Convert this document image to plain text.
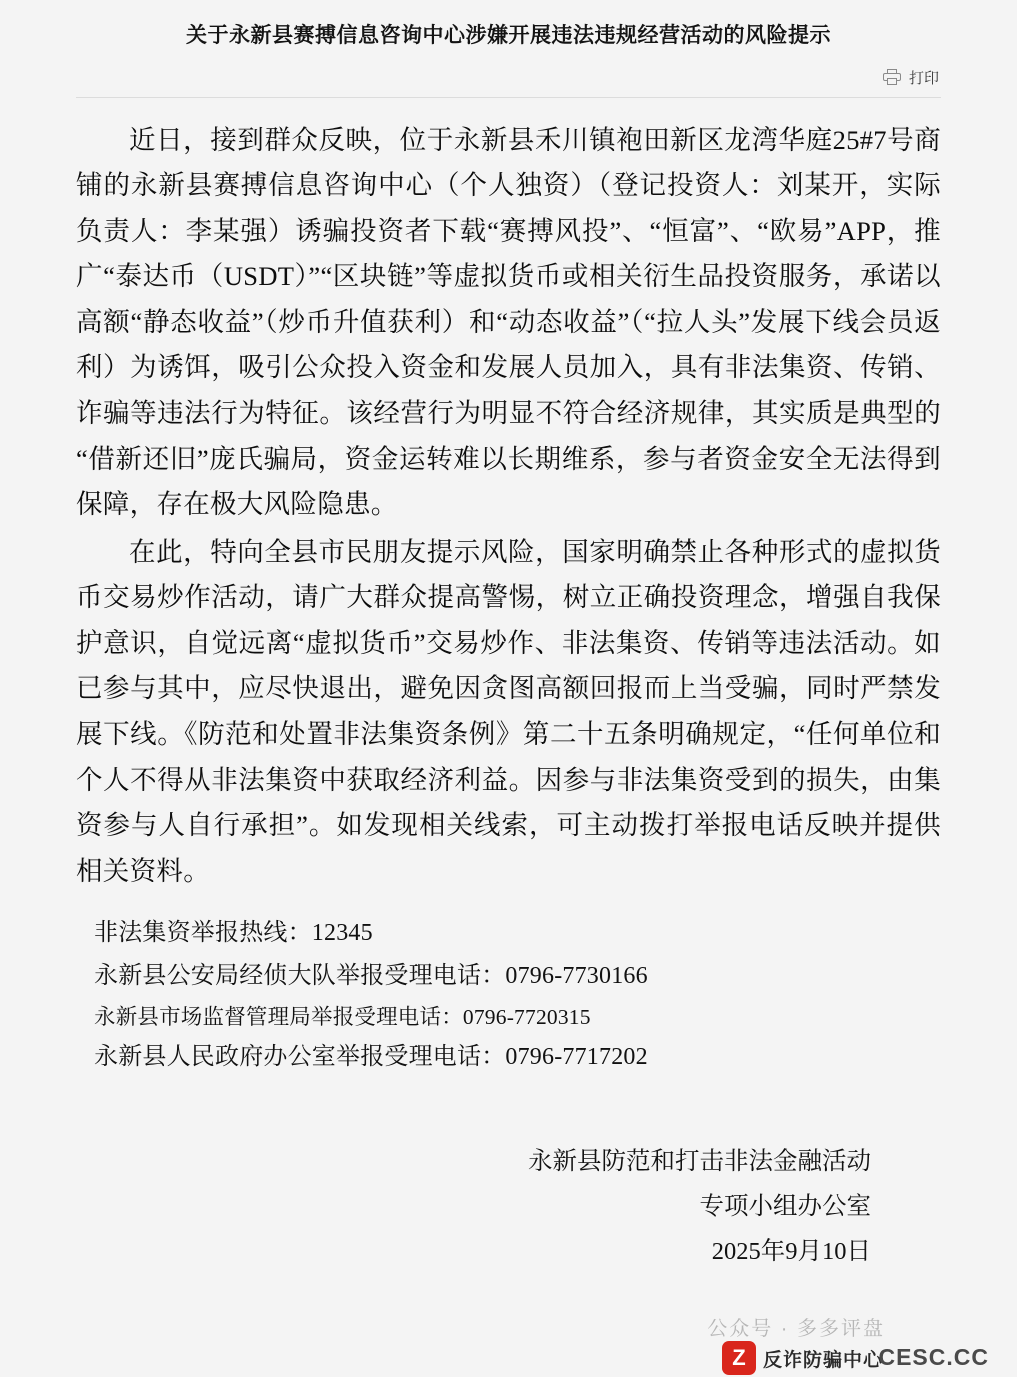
关于永新县赛搏信息咨询中心涉嫌开展违法违规经营活动的风险提示
打印

近日，接到群众反映，位于永新县禾川镇袍田新区龙湾华庭25#7号商铺的永新县赛搏信息咨询中心（个人独资）（登记投资人：刘某开，实际负责人：李某强）诱骗投资者下载“赛搏风投”、“恒富”、“欧易”APP，推广“泰达币（USDT）”“区块链”等虚拟货币或相关衍生品投资服务，承诺以高额“静态收益”（炒币升值获利）和“动态收益”（“拉人头”发展下线会员返利）为诱饵，吸引公众投入资金和发展人员加入，具有非法集资、传销、诈骗等违法行为特征。该经营行为明显不符合经济规律，其实质是典型的“借新还旧”庞氏骗局，资金运转难以长期维系，参与者资金安全无法得到保障，存在极大风险隐患。

在此，特向全县市民朋友提示风险，国家明确禁止各种形式的虚拟货币交易炒作活动，请广大群众提高警惕，树立正确投资理念，增强自我保护意识，自觉远离“虚拟货币”交易炒作、非法集资、传销等违法活动。如已参与其中，应尽快退出，避免因贪图高额回报而上当受骗，同时严禁发展下线。《防范和处置非法集资条例》第二十五条明确规定，“任何单位和个人不得从非法集资中获取经济利益。因参与非法集资受到的损失，由集资参与人自行承担”。如发现相关线索，可主动拨打举报电话反映并提供相关资料。

非法集资举报热线：12345
永新县公安局经侦大队举报受理电话：0796-7730166
永新县市场监督管理局举报受理电话：0796-7720315
永新县人民政府办公室举报受理电话：0796-7717202
永新县防范和打击非法金融活动
专项小组办公室
2025年9月10日
公众号 · 多多评盘
Z 反诈防骗中心
CESC.CC
